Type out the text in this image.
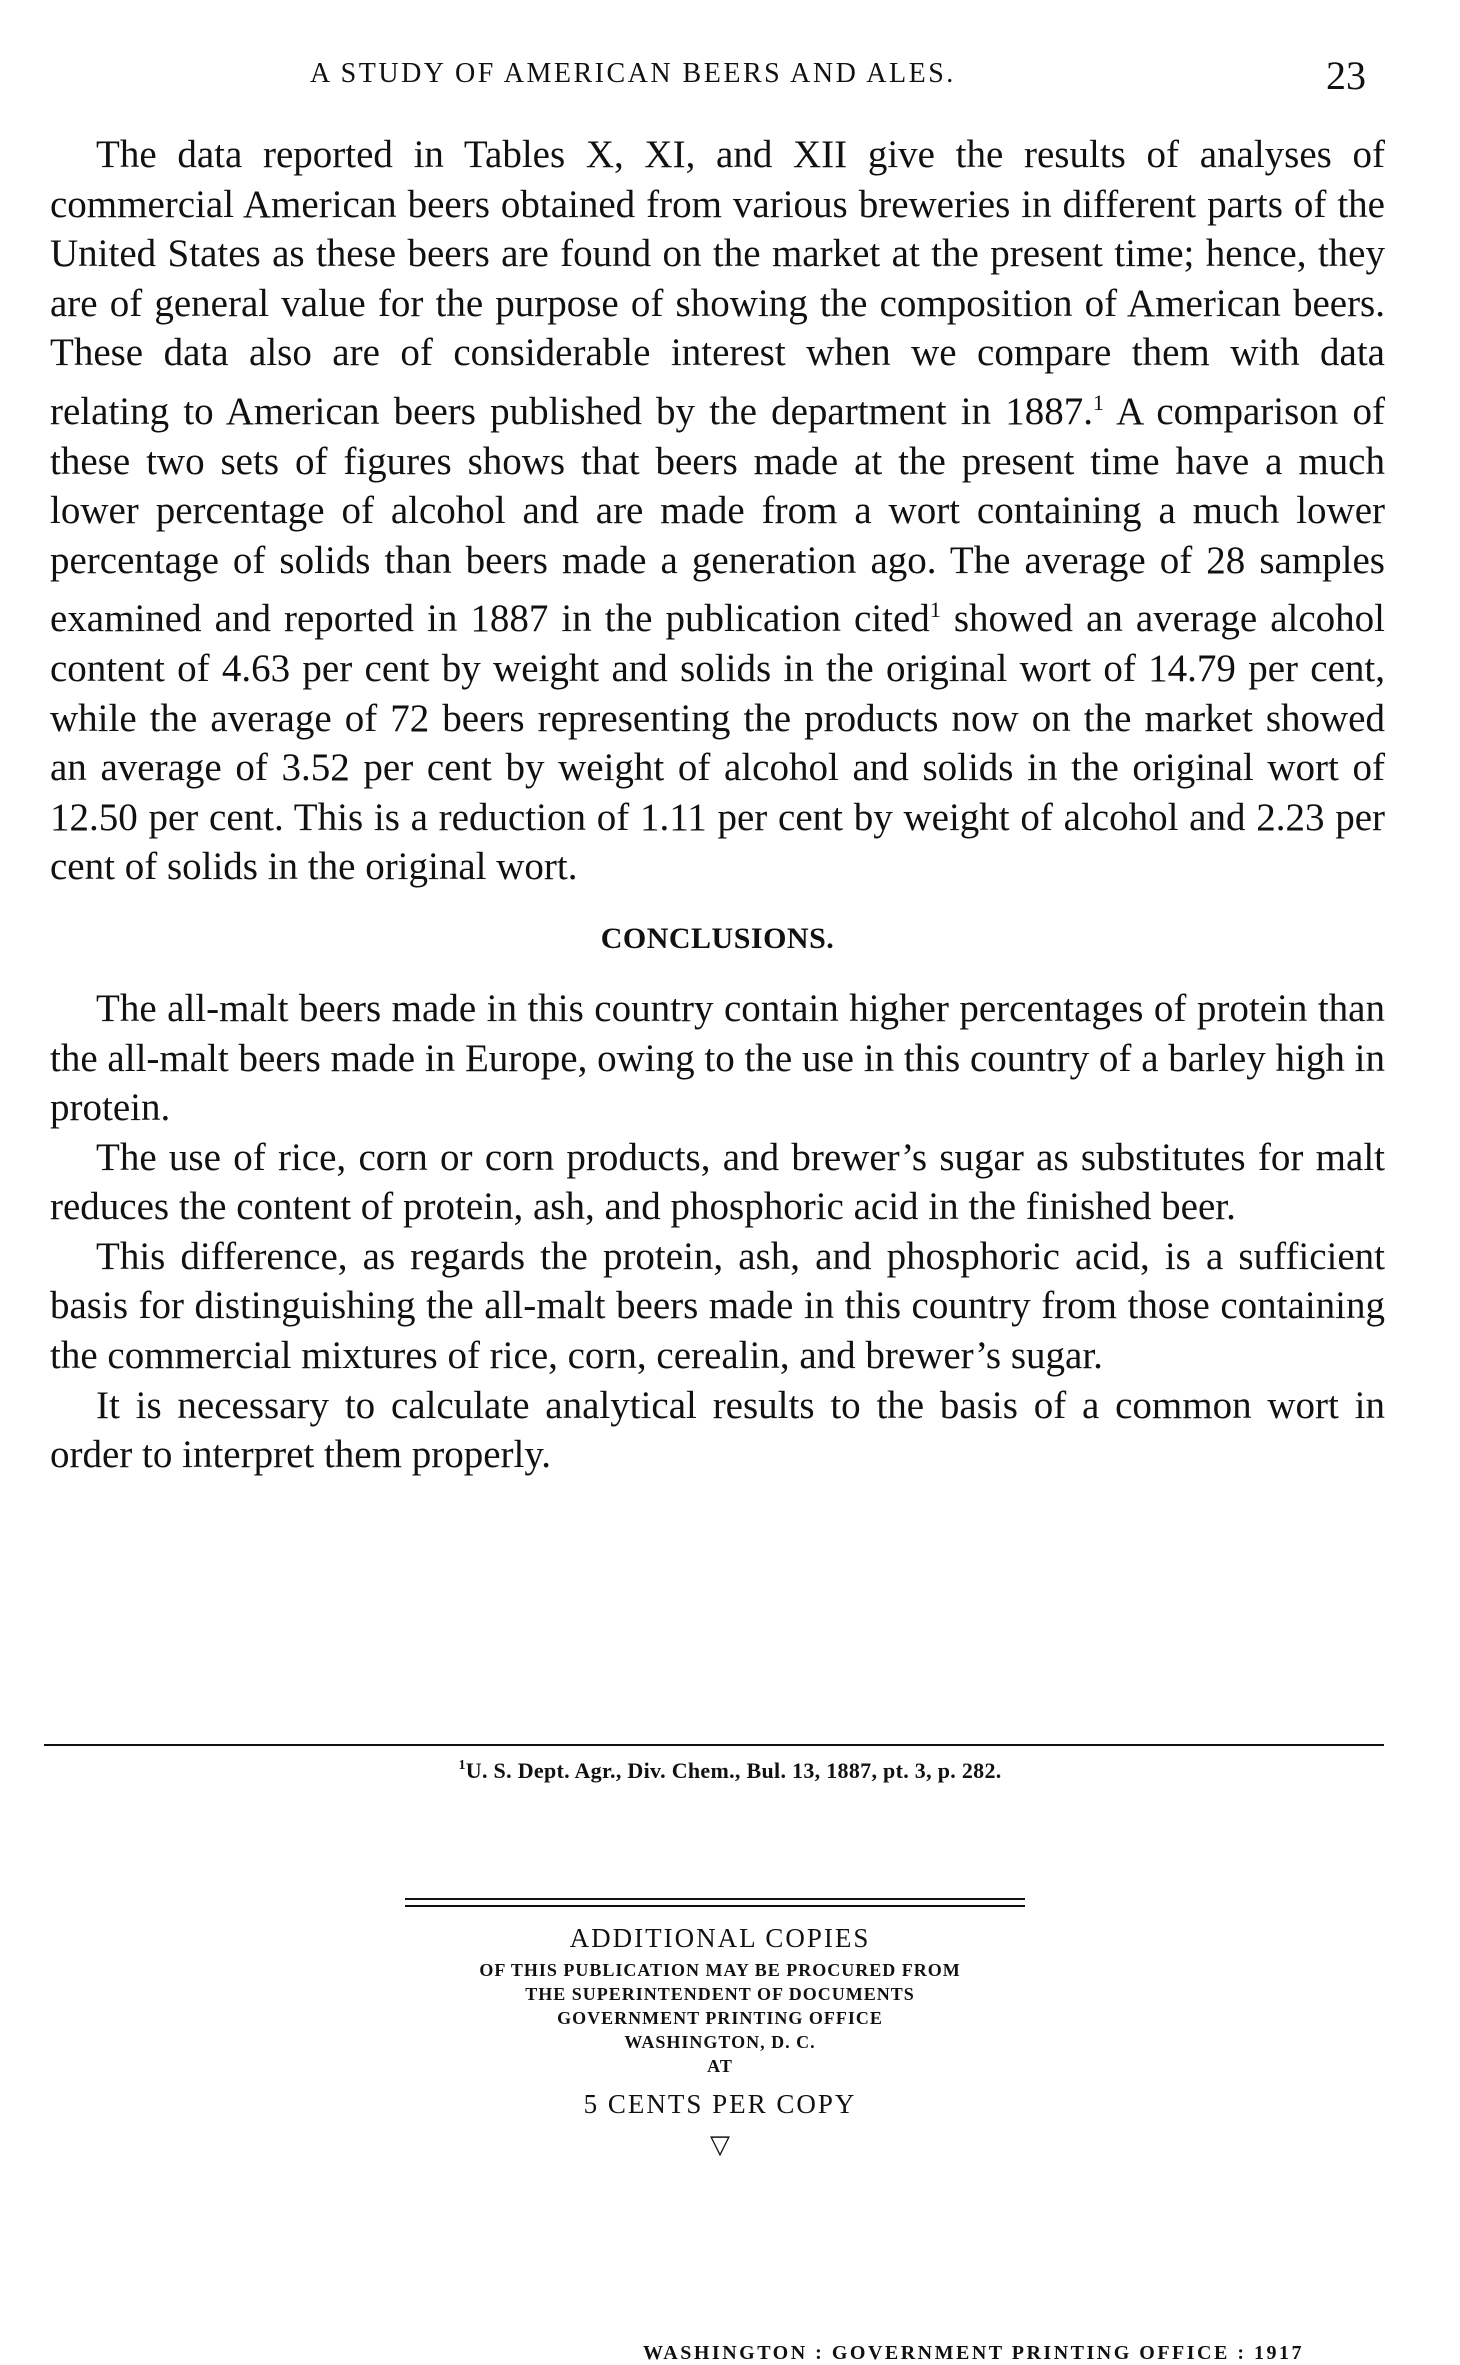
A STUDY OF AMERICAN BEERS AND ALES.	23

The data reported in Tables X, XI, and XII give the results of analyses of commercial American beers obtained from various breweries in different parts of the United States as these beers are found on the market at the present time; hence, they are of general value for the purpose of showing the composition of American beers. These data also are of considerable interest when we compare them with data relating to American beers published by the department in 1887.$^1$ A comparison of these two sets of figures shows that beers made at the present time have a much lower percentage of alcohol and are made from a wort containing a much lower percentage of solids than beers made a generation ago. The average of 28 samples examined and reported in 1887 in the publication cited$^1$ showed an average alcohol content of 4.63 per cent by weight and solids in the original wort of 14.79 per cent, while the average of 72 beers representing the products now on the market showed an average of 3.52 per cent by weight of alcohol and solids in the original wort of 12.50 per cent. This is a reduction of 1.11 per cent by weight of alcohol and 2.23 per cent of solids in the original wort.

CONCLUSIONS.

The all-malt beers made in this country contain higher percentages of protein than the all-malt beers made in Europe, owing to the use in this country of a barley high in protein.

The use of rice, corn or corn products, and brewer’s sugar as substitutes for malt reduces the content of protein, ash, and phosphoric acid in the finished beer.

This difference, as regards the protein, ash, and phosphoric acid, is a sufficient basis for distinguishing the all-malt beers made in this country from those containing the commercial mixtures of rice, corn, cerealin, and brewer’s sugar.

It is necessary to calculate analytical results to the basis of a common wort in order to interpret them properly.

$^1$U. S. Dept. Agr., Div. Chem., Bul. 13, 1887, pt. 3, p. 282.
ADDITIONAL COPIES
OF THIS PUBLICATION MAY BE PROCURED FROM
THE SUPERINTENDENT OF DOCUMENTS
GOVERNMENT PRINTING OFFICE
WASHINGTON, D. C.
AT
5 CENTS PER COPY
▽
WASHINGTON : GOVERNMENT PRINTING OFFICE : 1917
